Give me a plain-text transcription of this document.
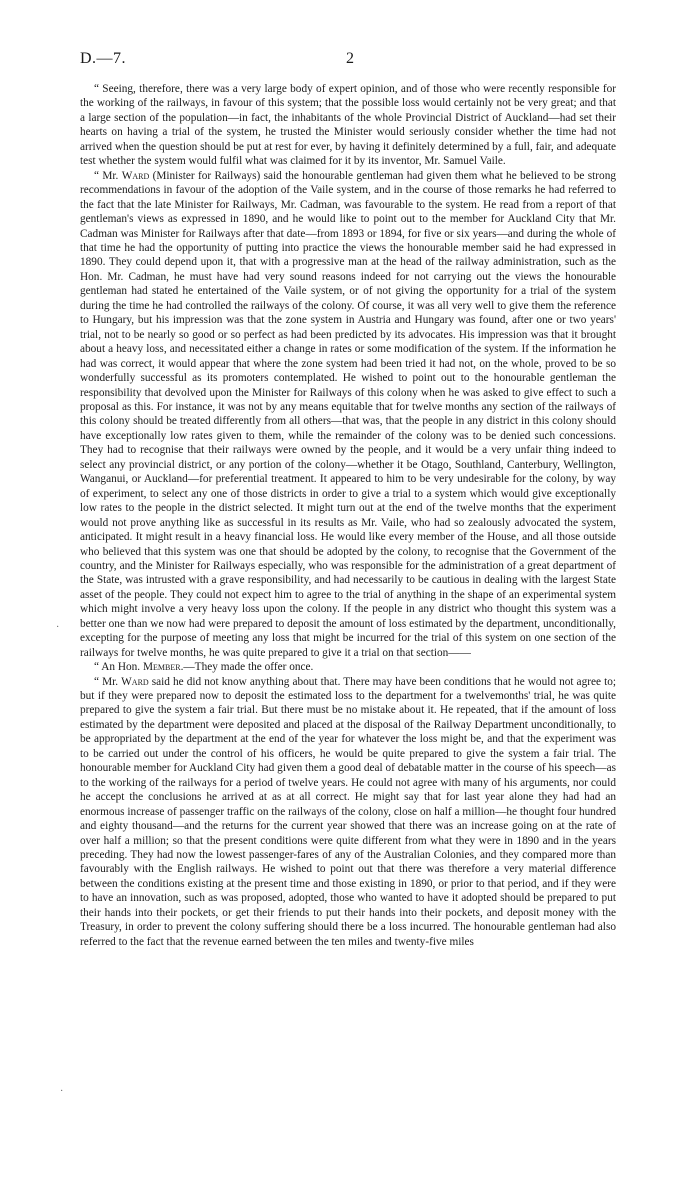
D.—7.	2

“ Seeing, therefore, there was a very large body of expert opinion, and of those who were recently responsible for the working of the railways, in favour of this system; that the possible loss would certainly not be very great; and that a large section of the population—in fact, the inhabitants of the whole Provincial District of Auckland—had set their hearts on having a trial of the system, he trusted the Minister would seriously consider whether the time had not arrived when the question should be put at rest for ever, by having it definitely determined by a full, fair, and adequate test whether the system would fulfil what was claimed for it by its inventor, Mr. Samuel Vaile.

“ Mr. Ward (Minister for Railways) said the honourable gentleman had given them what he believed to be strong recommendations in favour of the adoption of the Vaile system, and in the course of those remarks he had referred to the fact that the late Minister for Railways, Mr. Cadman, was favourable to the system. He read from a report of that gentleman's views as expressed in 1890, and he would like to point out to the member for Auckland City that Mr. Cadman was Minister for Railways after that date—from 1893 or 1894, for five or six years—and during the whole of that time he had the opportunity of putting into practice the views the honourable member said he had expressed in 1890. They could depend upon it, that with a progressive man at the head of the railway administration, such as the Hon. Mr. Cadman, he must have had very sound reasons indeed for not carrying out the views the honourable gentleman had stated he entertained of the Vaile system, or of not giving the opportunity for a trial of the system during the time he had controlled the railways of the colony. Of course, it was all very well to give them the reference to Hungary, but his impression was that the zone system in Austria and Hungary was found, after one or two years' trial, not to be nearly so good or so perfect as had been predicted by its advocates. His impression was that it brought about a heavy loss, and necessitated either a change in rates or some modification of the system. If the information he had was correct, it would appear that where the zone system had been tried it had not, on the whole, proved to be so wonderfully successful as its promoters contemplated. He wished to point out to the honourable gentleman the responsibility that devolved upon the Minister for Railways of this colony when he was asked to give effect to such a proposal as this. For instance, it was not by any means equitable that for twelve months any section of the railways of this colony should be treated differently from all others—that was, that the people in any district in this colony should have exceptionally low rates given to them, while the remainder of the colony was to be denied such concessions. They had to recognise that their railways were owned by the people, and it would be a very unfair thing indeed to select any provincial district, or any portion of the colony—whether it be Otago, Southland, Canterbury, Wellington, Wanganui, or Auckland—for preferential treatment. It appeared to him to be very undesirable for the colony, by way of experiment, to select any one of those districts in order to give a trial to a system which would give exceptionally low rates to the people in the district selected. It might turn out at the end of the twelve months that the experiment would not prove anything like as successful in its results as Mr. Vaile, who had so zealously advocated the system, anticipated. It might result in a heavy financial loss. He would like every member of the House, and all those outside who believed that this system was one that should be adopted by the colony, to recognise that the Government of the country, and the Minister for Railways especially, who was responsible for the administration of a great department of the State, was intrusted with a grave responsibility, and had necessarily to be cautious in dealing with the largest State asset of the people. They could not expect him to agree to the trial of anything in the shape of an experimental system which might involve a very heavy loss upon the colony. If the people in any district who thought this system was a better one than we now had were prepared to deposit the amount of loss estimated by the department, unconditionally, excepting for the purpose of meeting any loss that might be incurred for the trial of this system on one section of the railways for twelve months, he was quite prepared to give it a trial on that section——

“ An Hon. Member.—They made the offer once.

“ Mr. Ward said he did not know anything about that. There may have been conditions that he would not agree to; but if they were prepared now to deposit the estimated loss to the department for a twelvemonths' trial, he was quite prepared to give the system a fair trial. But there must be no mistake about it. He repeated, that if the amount of loss estimated by the department were deposited and placed at the disposal of the Railway Department unconditionally, to be appropriated by the department at the end of the year for whatever the loss might be, and that the experiment was to be carried out under the control of his officers, he would be quite prepared to give the system a fair trial. The honourable member for Auckland City had given them a good deal of debatable matter in the course of his speech—as to the working of the railways for a period of twelve years. He could not agree with many of his arguments, nor could he accept the conclusions he arrived at as at all correct. He might say that for last year alone they had had an enormous increase of passenger traffic on the railways of the colony, close on half a million—he thought four hundred and eighty thousand—and the returns for the current year showed that there was an increase going on at the rate of over half a million; so that the present conditions were quite different from what they were in 1890 and in the years preceding. They had now the lowest passenger-fares of any of the Australian Colonies, and they compared more than favourably with the English railways. He wished to point out that there was therefore a very material difference between the conditions existing at the present time and those existing in 1890, or prior to that period, and if they were to have an innovation, such as was proposed, adopted, those who wanted to have it adopted should be prepared to put their hands into their pockets, or get their friends to put their hands into their pockets, and deposit money with the Treasury, in order to prevent the colony suffering should there be a loss incurred. The honourable gentleman had also referred to the fact that the revenue earned between the ten miles and twenty-five miles

·
·
